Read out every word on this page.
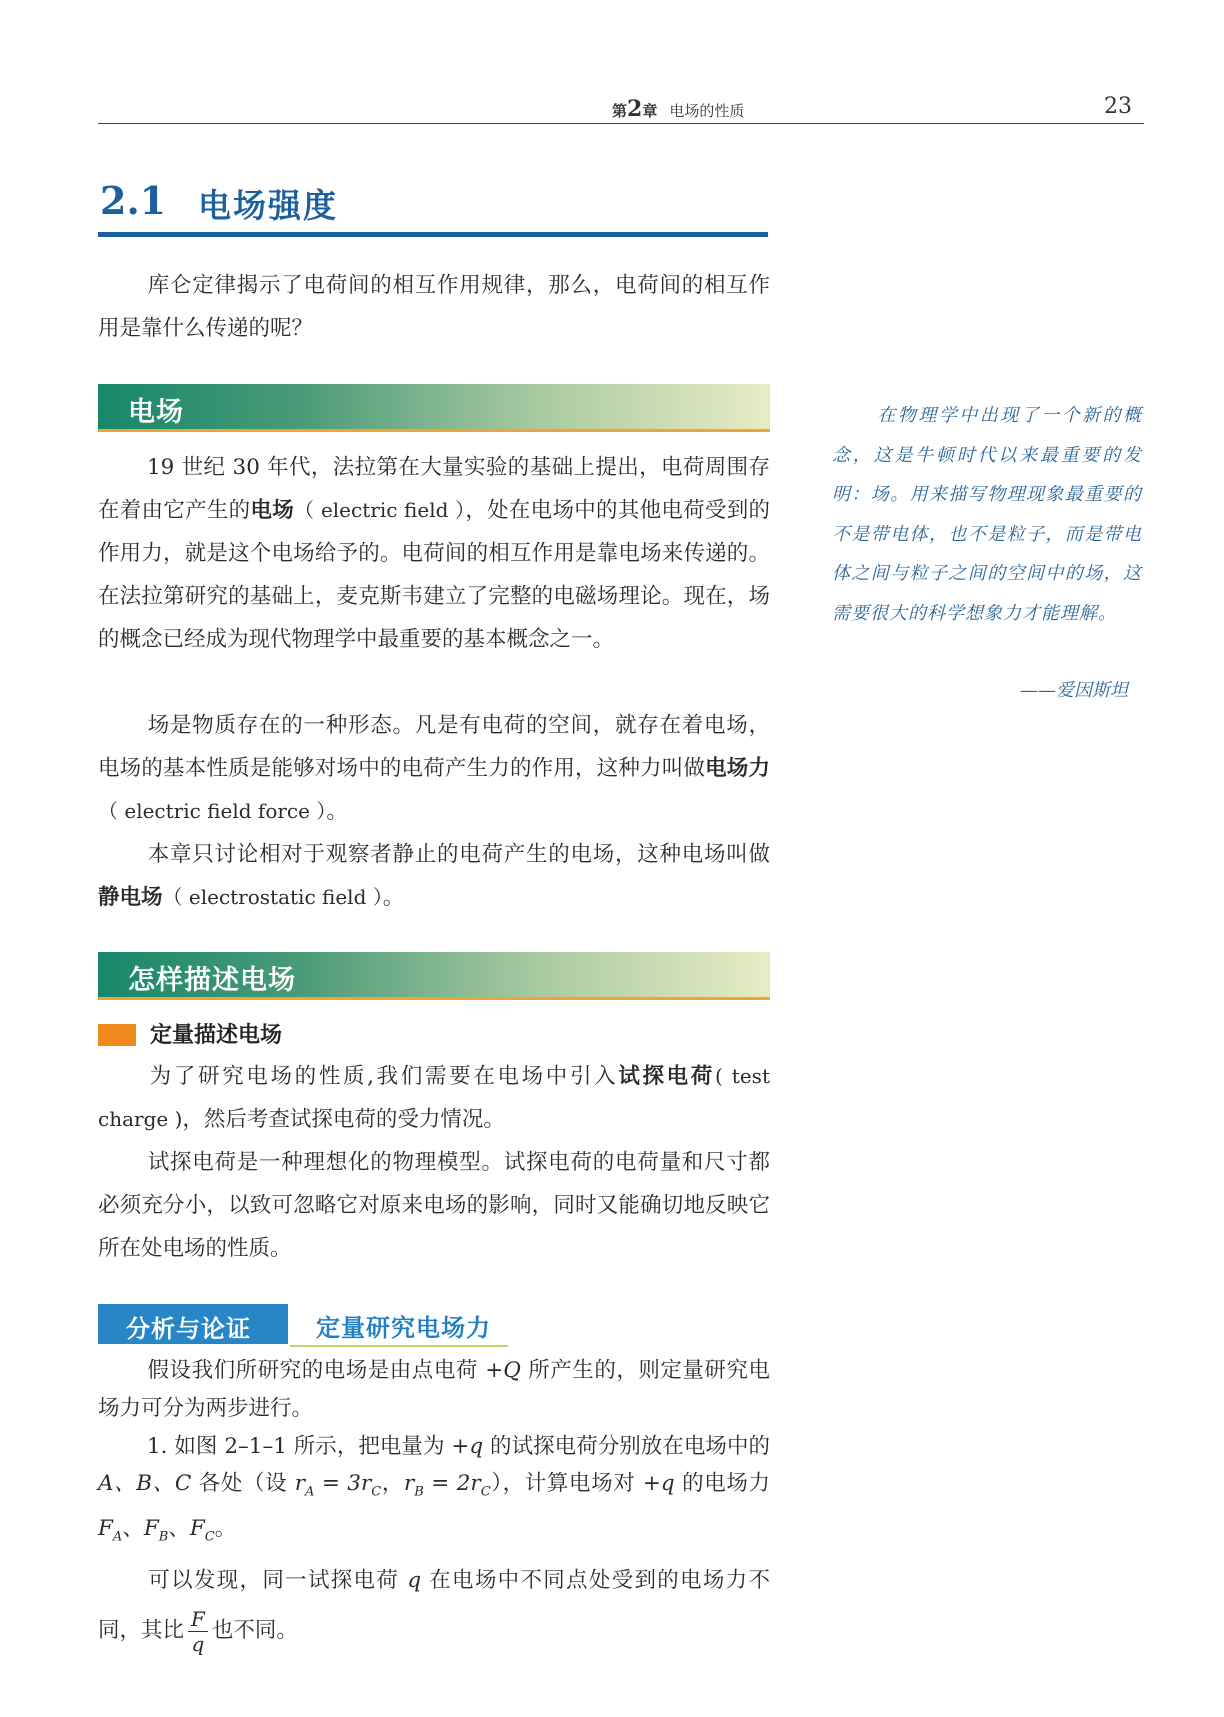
第2章 电场的性质	23
2.1 电场强度

库仑定律揭示了电荷间的相互作用规律，那么，电荷间的相互作用是靠什么传递的呢？

电场

19 世纪 30 年代，法拉第在大量实验的基础上提出，电荷周围存在着由它产生的电场（ electric field ），处在电场中的其他电荷受到的作用力，就是这个电场给予的。电荷间的相互作用是靠电场来传递的。在法拉第研究的基础上，麦克斯韦建立了完整的电磁场理论。现在，场的概念已经成为现代物理学中最重要的基本概念之一。

场是物质存在的一种形态。凡是有电荷的空间，就存在着电场，电场的基本性质是能够对场中的电荷产生力的作用，这种力叫做电场力（ electric field force ）。

本章只讨论相对于观察者静止的电荷产生的电场，这种电场叫做静电场（ electrostatic field ）。

怎样描述电场
定量描述电场

为了研究电场的性质,我们需要在电场中引入试探电荷( test charge )，然后考查试探电荷的受力情况。

试探电荷是一种理想化的物理模型。试探电荷的电荷量和尺寸都必须充分小，以致可忽略它对原来电场的影响，同时又能确切地反映它所在处电场的性质。

分析与论证	定量研究电场力

假设我们所研究的电场是由点电荷 +Q 所产生的，则定量研究电场力可分为两步进行。

1. 如图 2–1–1 所示，把电量为 +q 的试探电荷分别放在电场中的 A、B、C 各处（设 $r_A = 3r_C$，$r_B = 2r_C$），计算电场对 +q 的电场力 $F_A$、$F_B$、$F_C$。

可以发现，同一试探电荷 q 在电场中不同点处受到的电场力不同，其比 $\frac{F}{q}$ 也不同。

在物理学中出现了一个新的概念，这是牛顿时代以来最重要的发明：场。用来描写物理现象最重要的不是带电体，也不是粒子，而是带电体之间与粒子之间的空间中的场，这需要很大的科学想象力才能理解。
——爱因斯坦
